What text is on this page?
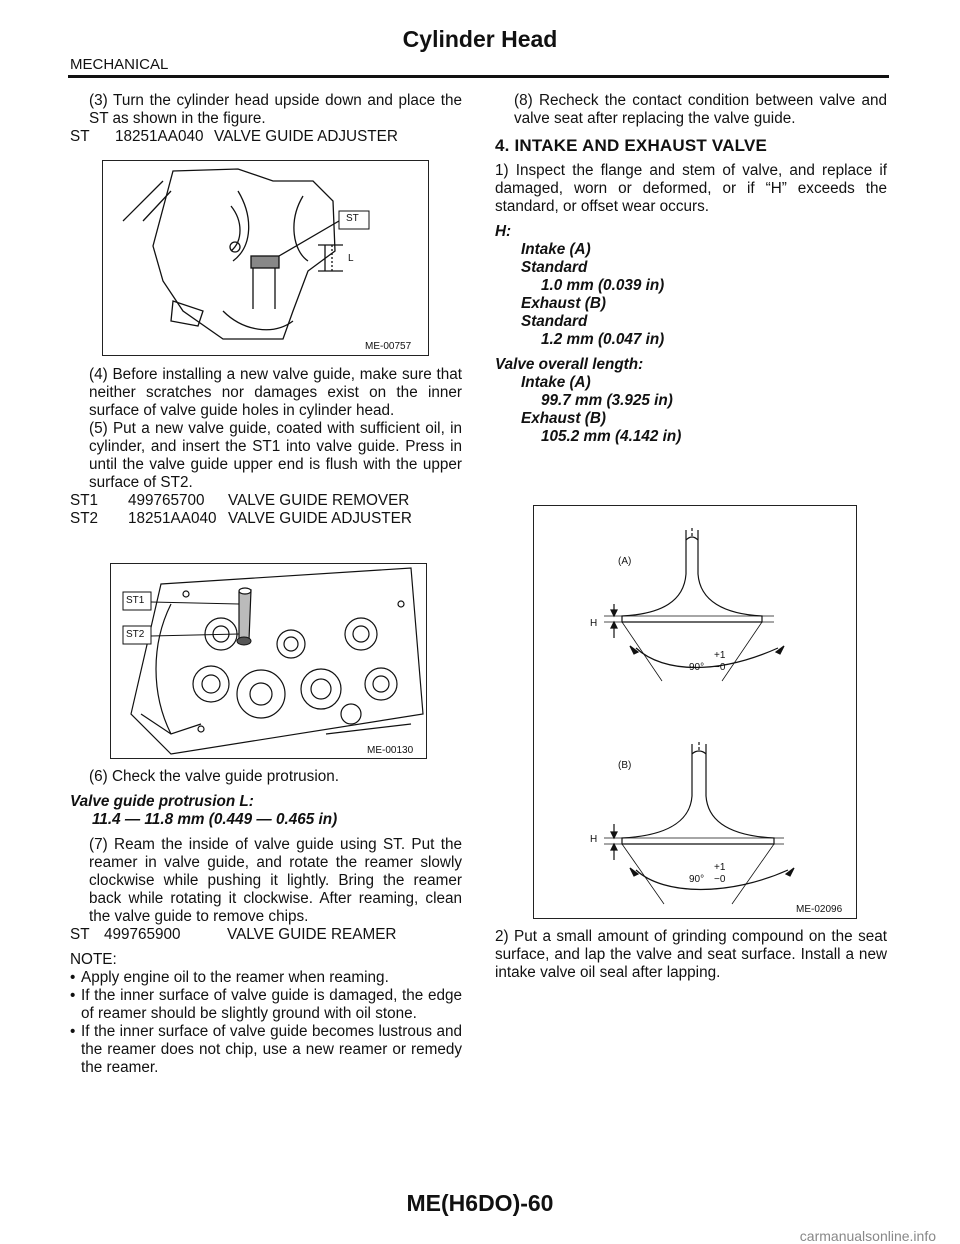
Cylinder Head
MECHANICAL

(3) Turn the cylinder head upside down and place the ST as shown in the figure.

ST	18251AA040 VALVE GUIDE ADJUSTER
ST
L
ME-00757

(4) Before installing a new valve guide, make sure that neither scratches nor damages exist on the inner surface of valve guide holes in cylinder head.

(5) Put a new valve guide, coated with sufficient oil, in cylinder, and insert the ST1 into valve guide. Press in until the valve guide upper end is flush with the upper surface of ST2.

ST1	499765700	VALVE GUIDE REMOVER
ST2	18251AA040 VALVE GUIDE ADJUSTER
ST1
ST2
ME-00130

(6) Check the valve guide protrusion.

Valve guide protrusion L:
11.4 — 11.8 mm (0.449 — 0.465 in)

(7) Ream the inside of valve guide using ST. Put the reamer in valve guide, and rotate the reamer slowly clockwise while pushing it lightly. Bring the reamer back while rotating it clockwise. After reaming, clean the valve guide to remove chips.

ST 499765900	VALVE GUIDE REAMER
NOTE:

• Apply engine oil to the reamer when reaming.

• If the inner surface of valve guide is damaged, the edge of reamer should be slightly ground with oil stone.

• If the inner surface of valve guide becomes lustrous and the reamer does not chip, use a new reamer or remedy the reamer.

(8) Recheck the contact condition between valve and valve seat after replacing the valve guide.

4. INTAKE AND EXHAUST VALVE

1) Inspect the flange and stem of valve, and replace if damaged, worn or deformed, or if “H” exceeds the standard, or offset wear occurs.

H:
Intake (A)
Standard
1.0 mm (0.039 in)
Exhaust (B)
Standard
1.2 mm (0.047 in)
Valve overall length:
Intake (A)
99.7 mm (3.925 in)
Exhaust (B)
105.2 mm (4.142 in)
(A)
H
+1
90° −0
(B)
H
+1
90° −0
ME-02096

2) Put a small amount of grinding compound on the seat surface, and lap the valve and seat surface. Install a new intake valve oil seal after lapping.

ME(H6DO)-60
carmanualsonline.info
